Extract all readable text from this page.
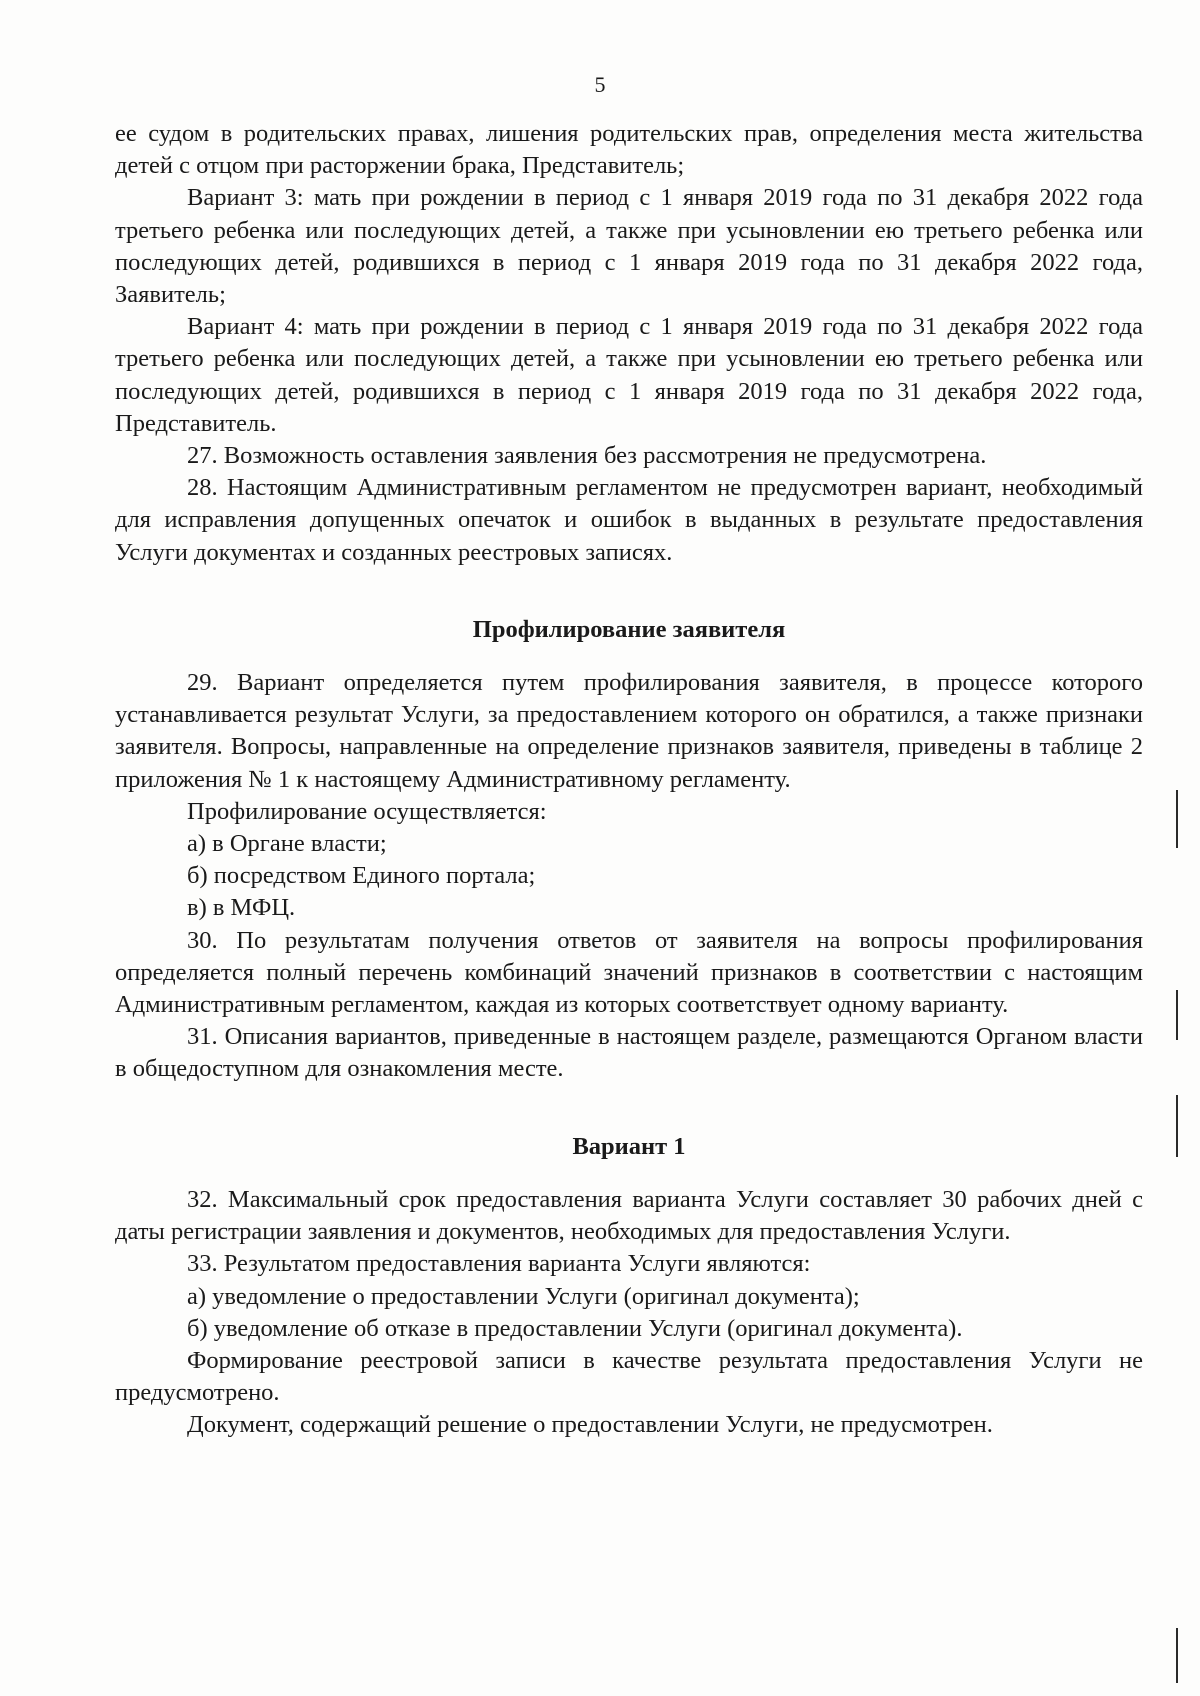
5

ее судом в родительских правах, лишения родительских прав, определения места жительства детей с отцом при расторжении брака, Представитель;

Вариант 3: мать при рождении в период с 1 января 2019 года по 31 декабря 2022 года третьего ребенка или последующих детей, а также при усыновлении ею третьего ребенка или последующих детей, родившихся в период с 1 января 2019 года по 31 декабря 2022 года, Заявитель;

Вариант 4: мать при рождении в период с 1 января 2019 года по 31 декабря 2022 года третьего ребенка или последующих детей, а также при усыновлении ею третьего ребенка или последующих детей, родившихся в период с 1 января 2019 года по 31 декабря 2022 года, Представитель.

27. Возможность оставления заявления без рассмотрения не предусмотрена.

28. Настоящим Административным регламентом не предусмотрен вариант, необходимый для исправления допущенных опечаток и ошибок в выданных в результате предоставления Услуги документах и созданных реестровых записях.

Профилирование заявителя

29. Вариант определяется путем профилирования заявителя, в процессе которого устанавливается результат Услуги, за предоставлением которого он обратился, а также признаки заявителя. Вопросы, направленные на определение признаков заявителя, приведены в таблице 2 приложения № 1 к настоящему Административному регламенту.

Профилирование осуществляется:

а) в Органе власти;

б) посредством Единого портала;

в) в МФЦ.

30. По результатам получения ответов от заявителя на вопросы профилирования определяется полный перечень комбинаций значений признаков в соответствии с настоящим Административным регламентом, каждая из которых соответствует одному варианту.

31. Описания вариантов, приведенные в настоящем разделе, размещаются Органом власти в общедоступном для ознакомления месте.

Вариант 1

32. Максимальный срок предоставления варианта Услуги составляет 30 рабочих дней с даты регистрации заявления и документов, необходимых для предоставления Услуги.

33. Результатом предоставления варианта Услуги являются:

а) уведомление о предоставлении Услуги (оригинал документа);

б) уведомление об отказе в предоставлении Услуги (оригинал документа).

Формирование реестровой записи в качестве результата предоставления Услуги не предусмотрено.

Документ, содержащий решение о предоставлении Услуги, не предусмотрен.
